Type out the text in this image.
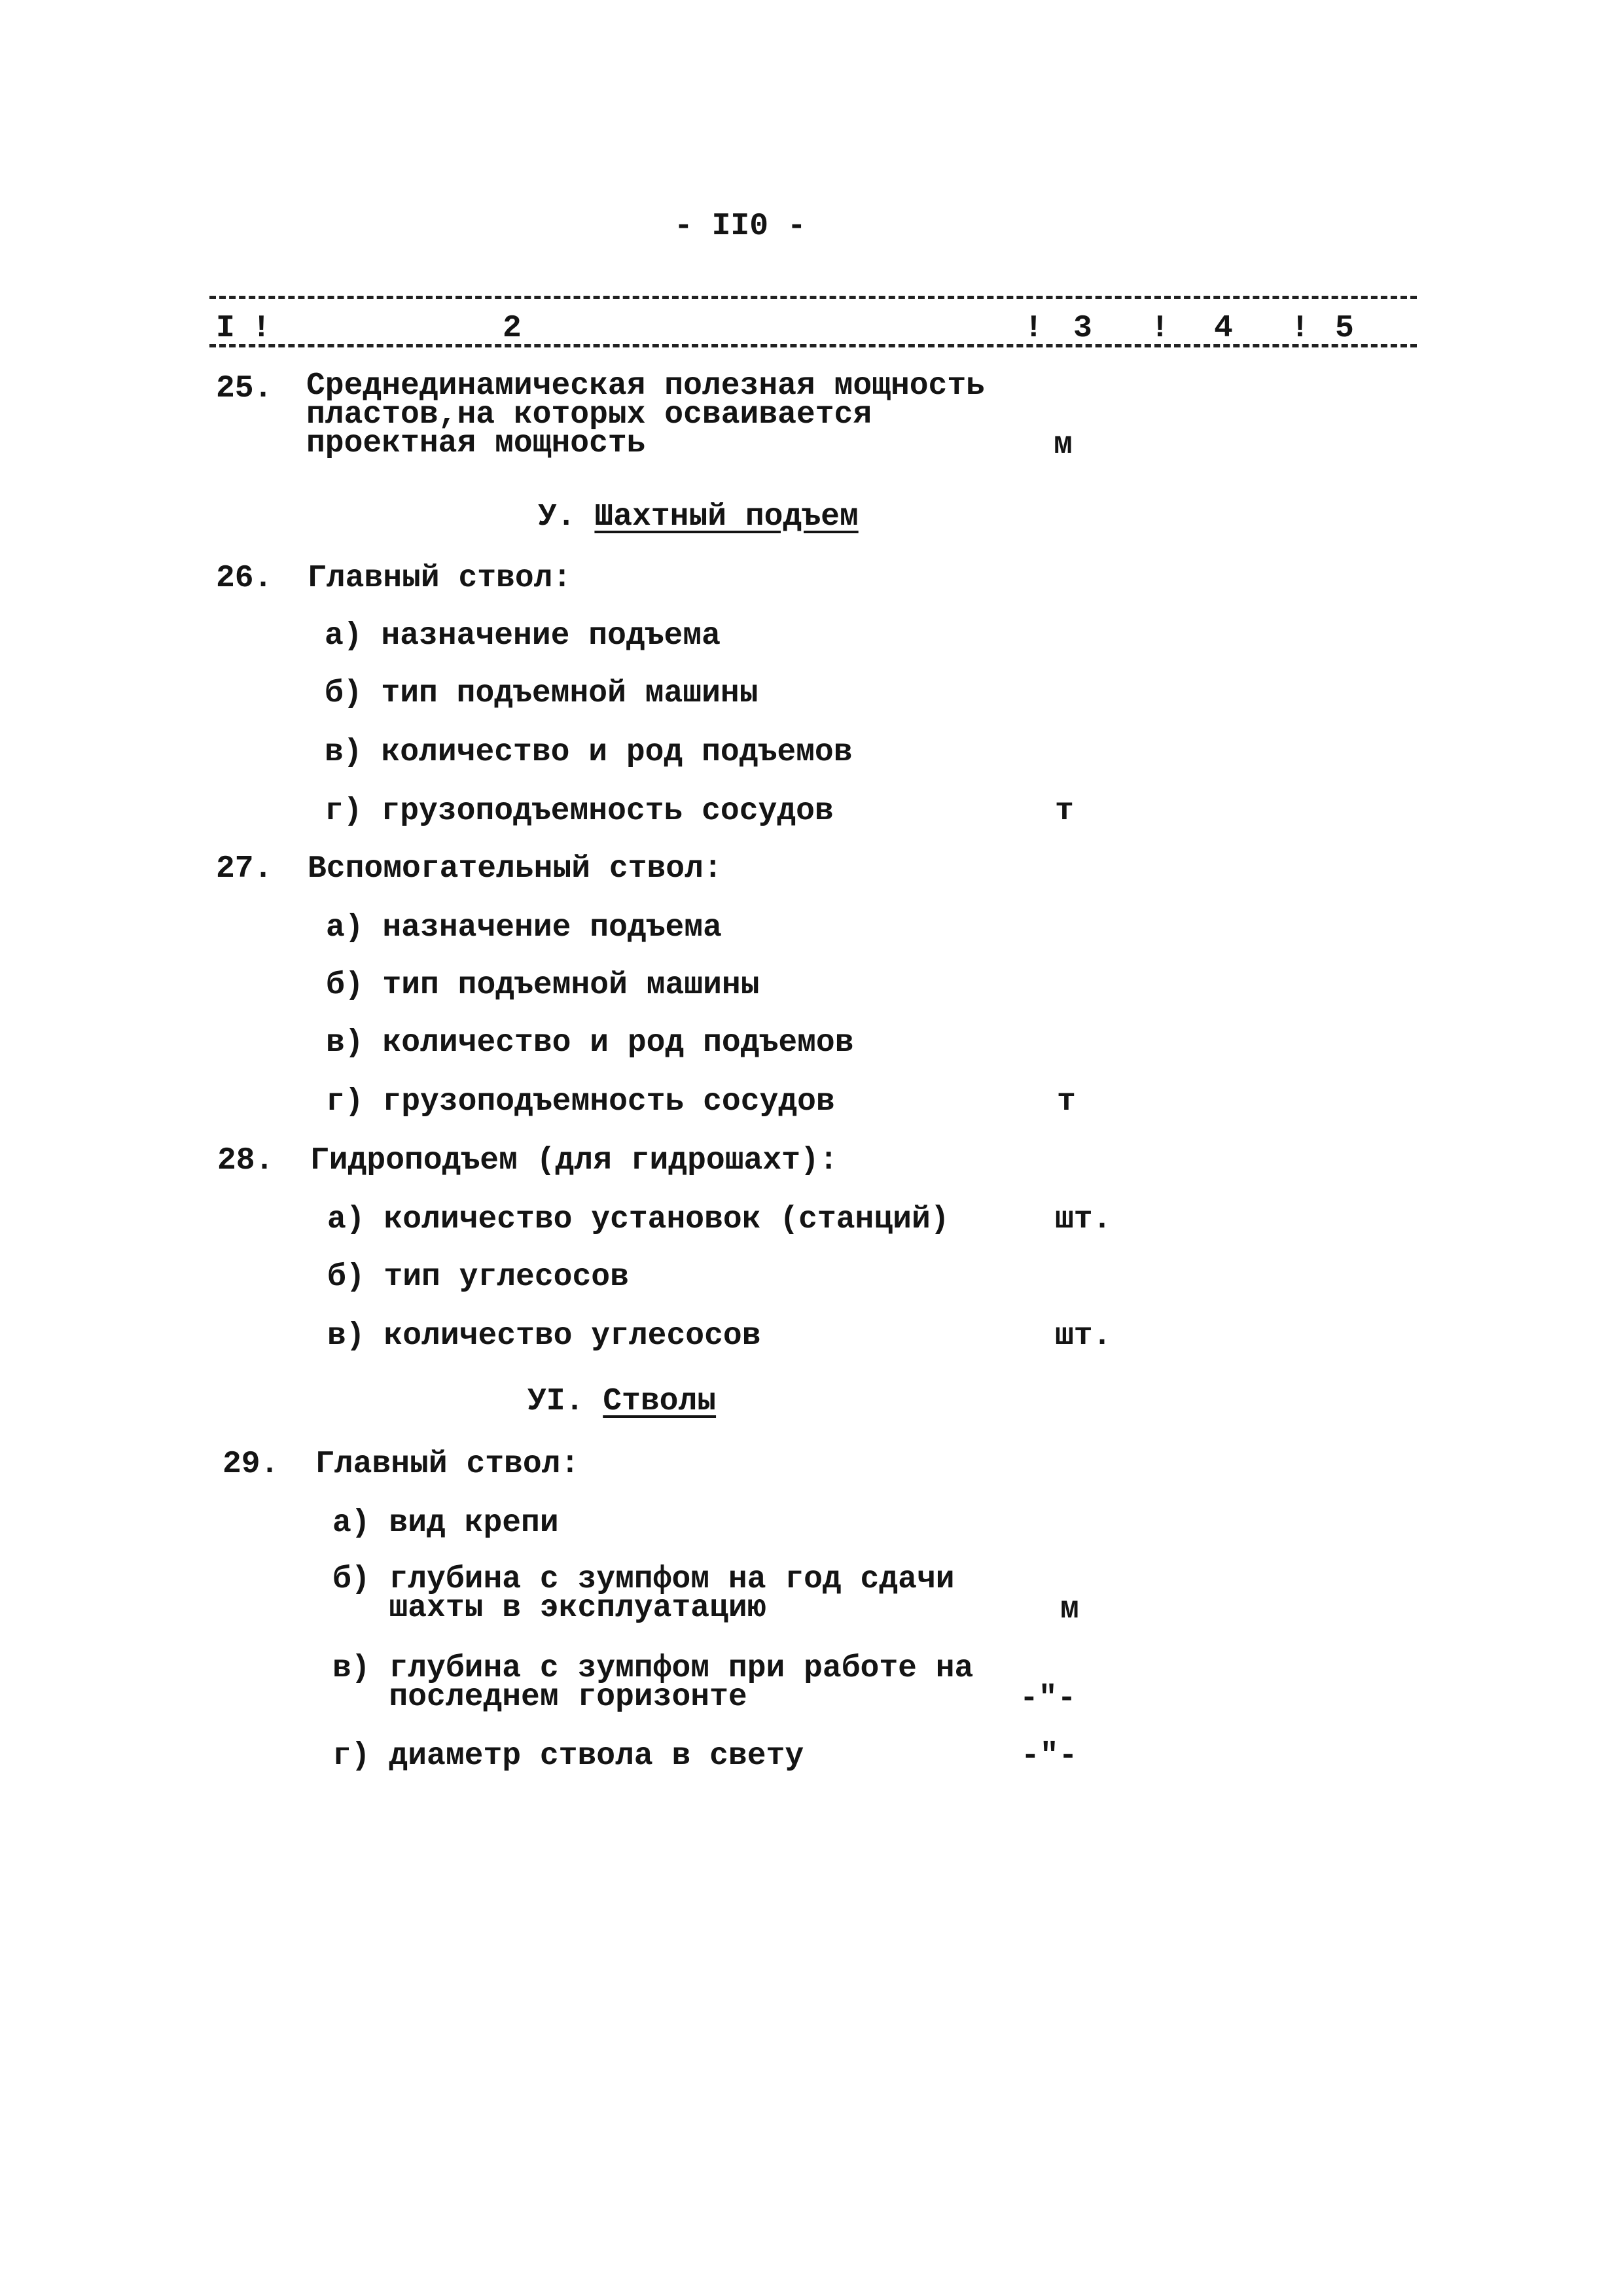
- II0 -
I !	2	! 3 ! 4 ! 5
25. Среднединамическая полезная мощность
пластов,на которых осваивается
проектная мощность	м
У. Шахтный подъем
26. Главный ствол:
а) назначение подъема
б) тип подъемной машины
в) количество и род подъемов
г) грузоподъемность сосудов	т
27. Вспомогательный ствол:
а) назначение подъема
б) тип подъемной машины
в) количество и род подъемов
г) грузоподъемность сосудов	т
28. Гидроподъем (для гидрошахт):
а) количество установок (станций)	шт.
б) тип углесосов
в) количество углесосов	шт.
УI. Стволы
29. Главный ствол:
а) вид крепи
б) глубина с зумпфом на год сдачи
шахты в эксплуатацию	м
в) глубина с зумпфом при работе на
последнем горизонте	-"-
г) диаметр ствола в свету	-"-
